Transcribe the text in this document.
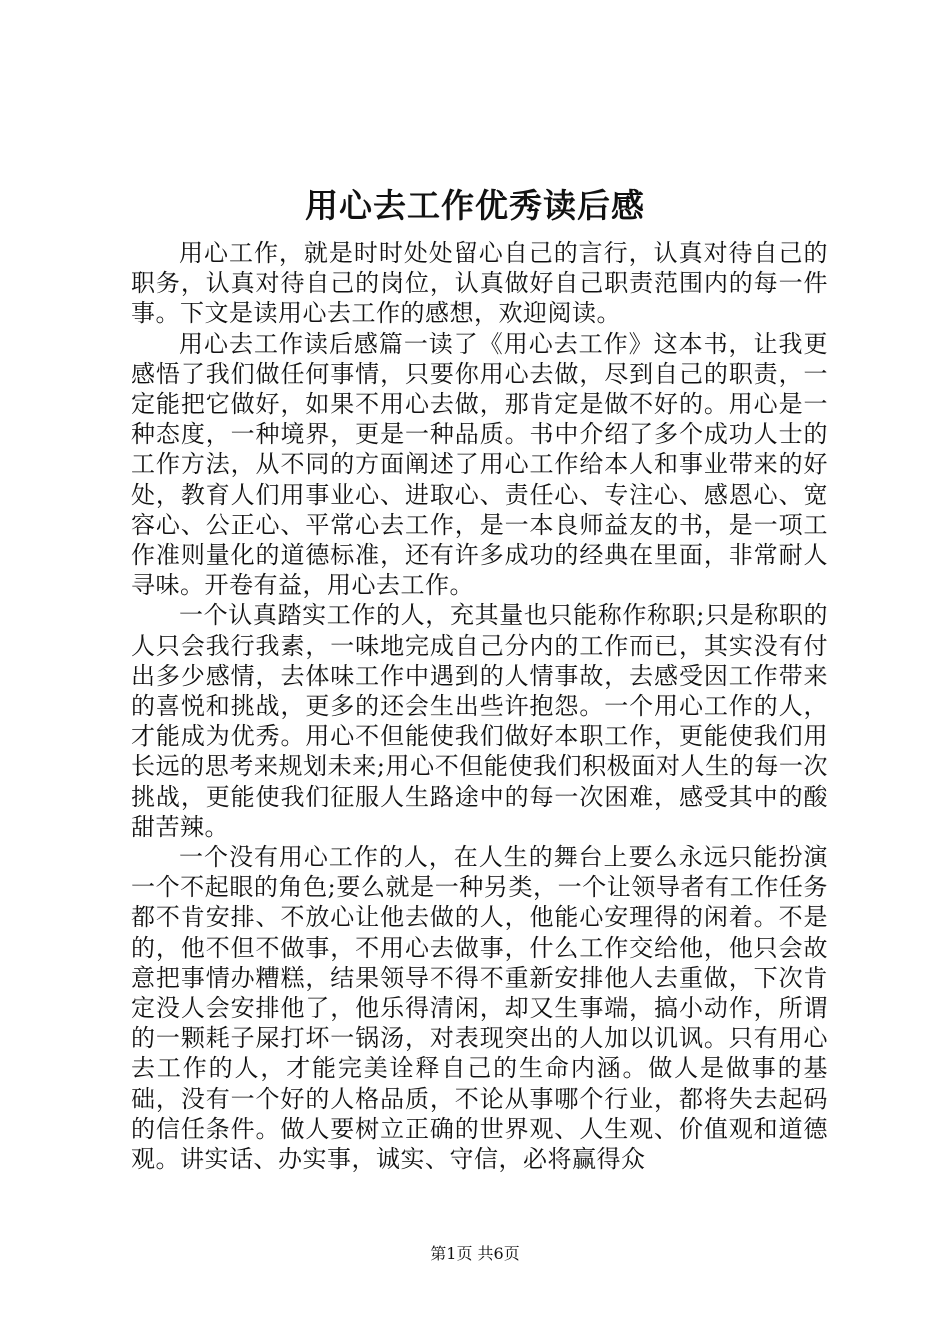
用心去工作优秀读后感

用心工作，就是时时处处留心自己的言行，认真对待自己的职务，认真对待自己的岗位，认真做好自己职责范围内的每一件事。下文是读用心去工作的感想，欢迎阅读。

用心去工作读后感篇一读了《用心去工作》这本书，让我更感悟了我们做任何事情，只要你用心去做，尽到自己的职责，一定能把它做好，如果不用心去做，那肯定是做不好的。用心是一种态度，一种境界，更是一种品质。书中介绍了多个成功人士的工作方法，从不同的方面阐述了用心工作给本人和事业带来的好处，教育人们用事业心、进取心、责任心、专注心、感恩心、宽容心、公正心、平常心去工作，是一本良师益友的书，是一项工作准则量化的道德标准，还有许多成功的经典在里面，非常耐人寻味。开卷有益，用心去工作。

一个认真踏实工作的人，充其量也只能称作称职;只是称职的人只会我行我素，一味地完成自己分内的工作而已，其实没有付出多少感情，去体味工作中遇到的人情事故，去感受因工作带来的喜悦和挑战，更多的还会生出些许抱怨。一个用心工作的人，才能成为优秀。用心不但能使我们做好本职工作，更能使我们用长远的思考来规划未来;用心不但能使我们积极面对人生的每一次挑战，更能使我们征服人生路途中的每一次困难，感受其中的酸甜苦辣。

一个没有用心工作的人，在人生的舞台上要么永远只能扮演一个不起眼的角色;要么就是一种另类，一个让领导者有工作任务都不肯安排、不放心让他去做的人，他能心安理得的闲着。不是的，他不但不做事，不用心去做事，什么工作交给他，他只会故意把事情办糟糕，结果领导不得不重新安排他人去重做，下次肯定没人会安排他了，他乐得清闲，却又生事端，搞小动作，所谓的一颗耗子屎打坏一锅汤，对表现突出的人加以讥讽。只有用心去工作的人，才能完美诠释自己的生命内涵。做人是做事的基础，没有一个好的人格品质，不论从事哪个行业，都将失去起码的信任条件。做人要树立正确的世界观、人生观、价值观和道德观。讲实话、办实事，诚实、守信，必将赢得众

第1页 共6页
